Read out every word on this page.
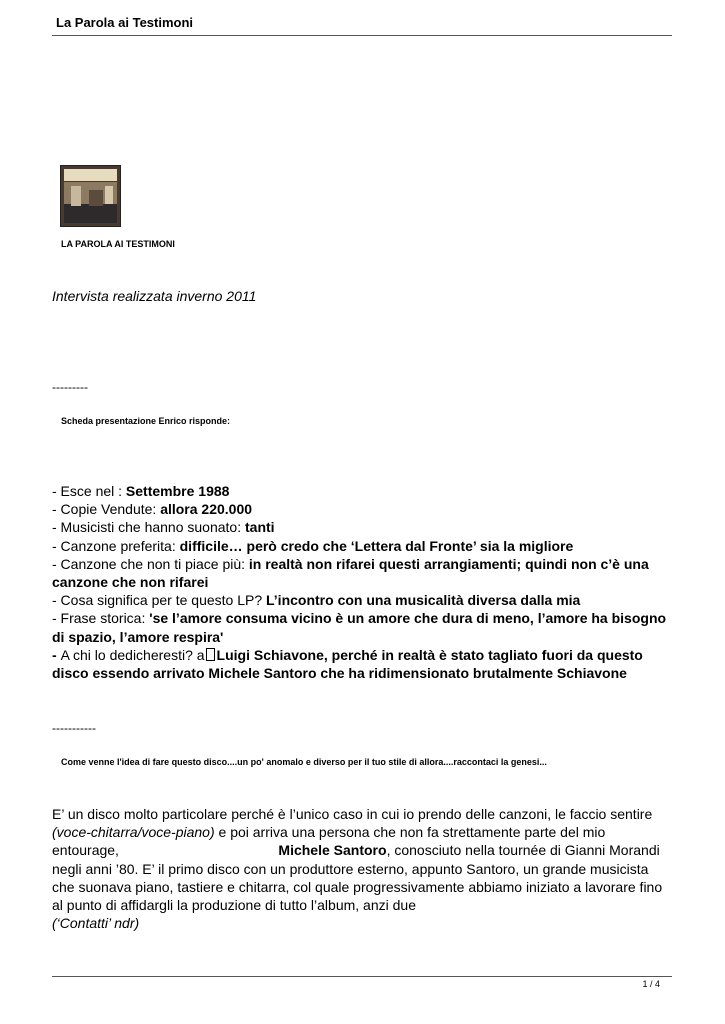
La Parola ai Testimoni
LA PAROLA AI TESTIMONI
Intervista realizzata inverno 2011
---------
Scheda presentazione Enrico risponde:

- Esce nel : Settembre 1988

- Copie Vendute: allora 220.000

- Musicisti che hanno suonato: tanti

- Canzone preferita: difficile… però credo che ‘Lettera dal Fronte’ sia la migliore

- Canzone che non ti piace più: in realtà non rifarei questi arrangiamenti; quindi non c’è una canzone che non rifarei

- Cosa significa per te questo LP? L’incontro con una musicalità diversa dalla mia

- Frase storica: 'se l’amore consuma vicino è un amore che dura di meno, l’amore ha bisogno di spazio, l’amore respira'

- A chi lo dedicheresti? a Luigi Schiavone, perché in realtà è stato tagliato fuori da questo disco essendo arrivato Michele Santoro che ha ridimensionato brutalmente Schiavone

-----------
Come venne l'idea di fare questo disco....un po' anomalo e diverso per il tuo stile di allora....raccontaci la genesi...

E’ un disco molto particolare perché è l’unico caso in cui io prendo delle canzoni, le faccio sentire (voce-chitarra/voce-piano) e poi arriva una persona che non fa strettamente parte del mio entourage,                                         Michele Santoro, conosciuto nella tournée di Gianni Morandi negli anni ’80. E’ il primo disco con un produttore esterno, appunto Santoro, un grande musicista che suonava piano, tastiere e chitarra, col quale progressivamente abbiamo iniziato a lavorare fino al punto di affidargli la produzione di tutto l’album, anzi due
(‘Contatti’ ndr)

1 / 4
